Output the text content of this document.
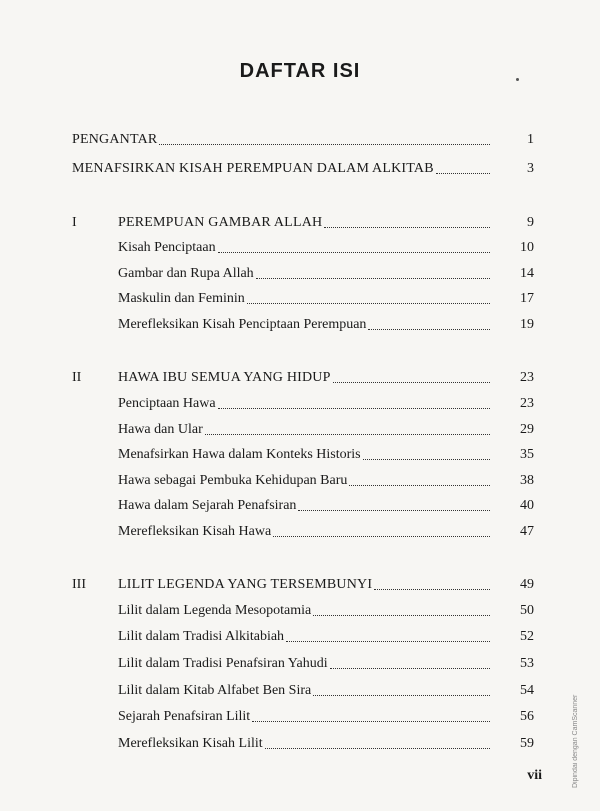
DAFTAR ISI
PENGANTAR	1
MENAFSIRKAN KISAH PEREMPUAN DALAM ALKITAB	3
I	PEREMPUAN GAMBAR ALLAH	9
Kisah Penciptaan	10
Gambar dan Rupa Allah	14
Maskulin dan Feminin	17
Merefleksikan Kisah Penciptaan Perempuan	19
II	HAWA IBU SEMUA YANG HIDUP	23
Penciptaan Hawa	23
Hawa dan Ular	29
Menafsirkan Hawa dalam Konteks Historis	35
Hawa sebagai Pembuka Kehidupan Baru	38
Hawa dalam Sejarah Penafsiran	40
Merefleksikan Kisah Hawa	47
III	LILIT LEGENDA YANG TERSEMBUNYI	49
Lilit dalam Legenda Mesopotamia	50
Lilit dalam Tradisi Alkitabiah	52
Lilit dalam Tradisi Penafsiran Yahudi	53
Lilit dalam Kitab Alfabet Ben Sira	54
Sejarah Penafsiran Lilit	56
Merefleksikan Kisah Lilit	59
vii	Dipindai dengan CamScanner
